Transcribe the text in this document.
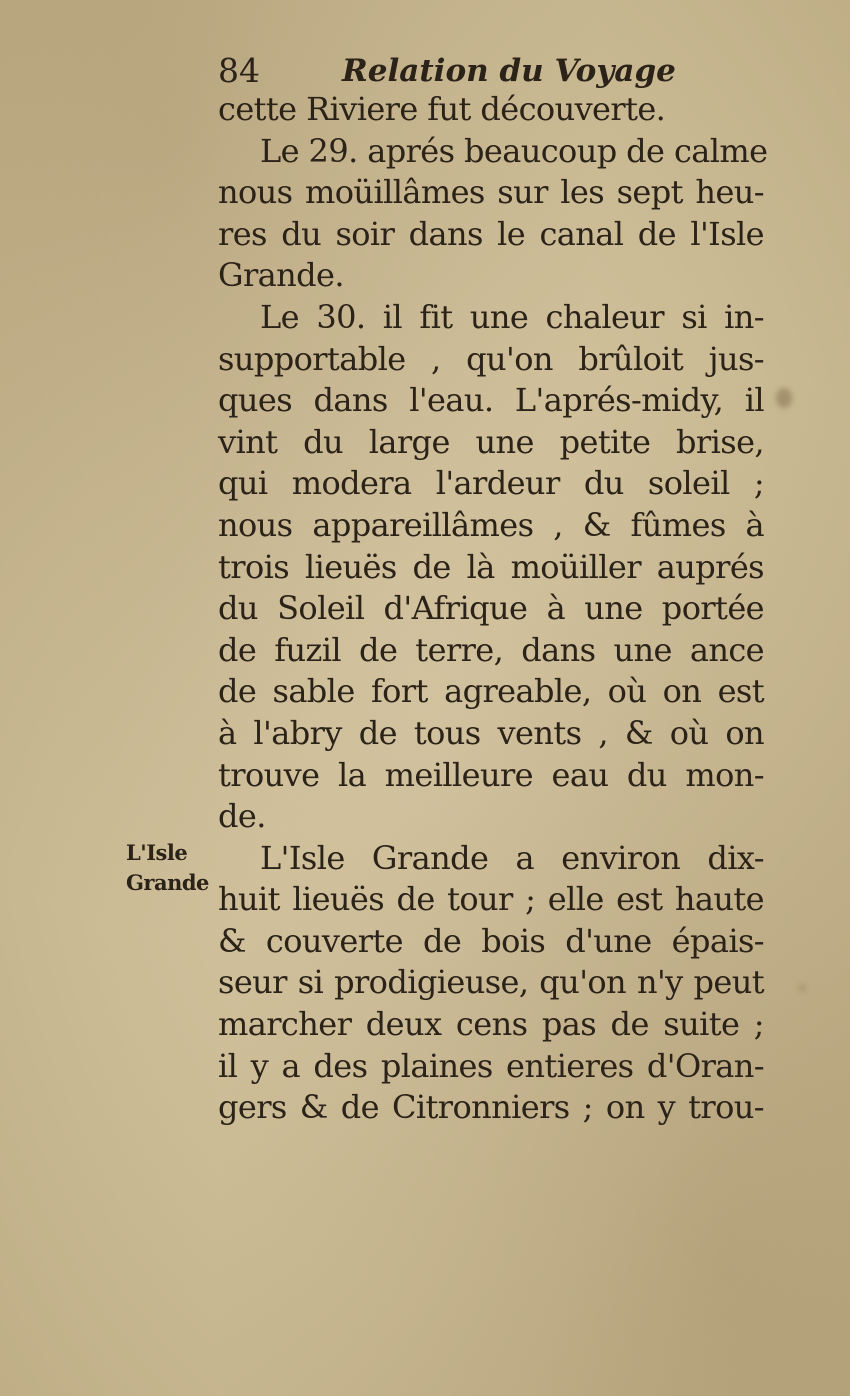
84	Relation du Voyage
L'Isle
Grande
cette Riviere fut découverte.
Le 29. aprés beaucoup de calme
nous moüillâmes sur les sept heu-
res du soir dans le canal de l'Isle
Grande.
Le 30. il fit une chaleur si in-
supportable , qu'on brûloit jus-
ques dans l'eau. L'aprés-midy, il
vint du large une petite brise,
qui modera l'ardeur du soleil ;
nous appareillâmes , & fûmes à
trois lieuës de là moüiller auprés
du Soleil d'Afrique à une portée
de fuzil de terre, dans une ance
de sable fort agreable, où on est
à l'abry de tous vents , & où on
trouve la meilleure eau du mon-
de.
L'Isle Grande a environ dix-
huit lieuës de tour ; elle est haute
& couverte de bois d'une épais-
seur si prodigieuse, qu'on n'y peut
marcher deux cens pas de suite ;
il y a des plaines entieres d'Oran-
gers & de Citronniers ; on y trou-
